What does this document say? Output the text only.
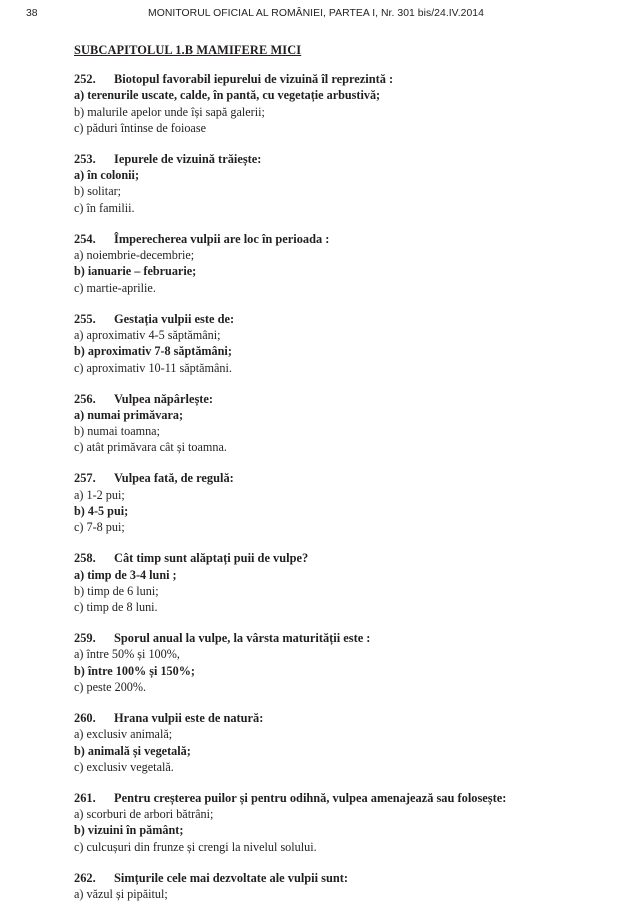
38	MONITORUL OFICIAL AL ROMÂNIEI, PARTEA I, Nr. 301 bis/24.IV.2014
SUBCAPITOLUL 1.B MAMIFERE MICI
252. Biotopul favorabil iepurelui de vizuină îl reprezintă :
a) terenurile uscate, calde, în pantă, cu vegetație arbustivă;
b) malurile apelor unde își sapă galerii;
c) păduri întinse de foioase
253. Iepurele de vizuină trăiește:
a) în colonii;
b) solitar;
c) în familii.
254. Împerecherea vulpii are loc în perioada :
a) noiembrie-decembrie;
b) ianuarie – februarie;
c) martie-aprilie.
255. Gestația vulpii este de:
a) aproximativ 4-5 săptămâni;
b) aproximativ 7-8 săptămâni;
c) aproximativ 10-11 săptămâni.
256. Vulpea năpârlește:
a) numai primăvara;
b) numai toamna;
c) atât primăvara cât și toamna.
257. Vulpea fată, de regulă:
a) 1-2 pui;
b) 4-5 pui;
c) 7-8 pui;
258. Cât timp sunt alăptați puii de vulpe?
a) timp de 3-4 luni ;
b) timp de 6 luni;
c) timp de 8 luni.
259. Sporul anual la vulpe, la vârsta maturității este :
a) între 50% și 100%,
b) între 100% și 150%;
c) peste 200%.
260. Hrana vulpii este de natură:
a) exclusiv animală;
b) animală și vegetală;
c) exclusiv vegetală.
261. Pentru creșterea puilor și pentru odihnă, vulpea amenajează sau folosește:
a) scorburi de arbori bătrâni;
b) vizuini în pământ;
c) culcușuri din frunze și crengi la nivelul solului.
262. Simțurile cele mai dezvoltate ale vulpii sunt:
a) văzul și pipăitul;
